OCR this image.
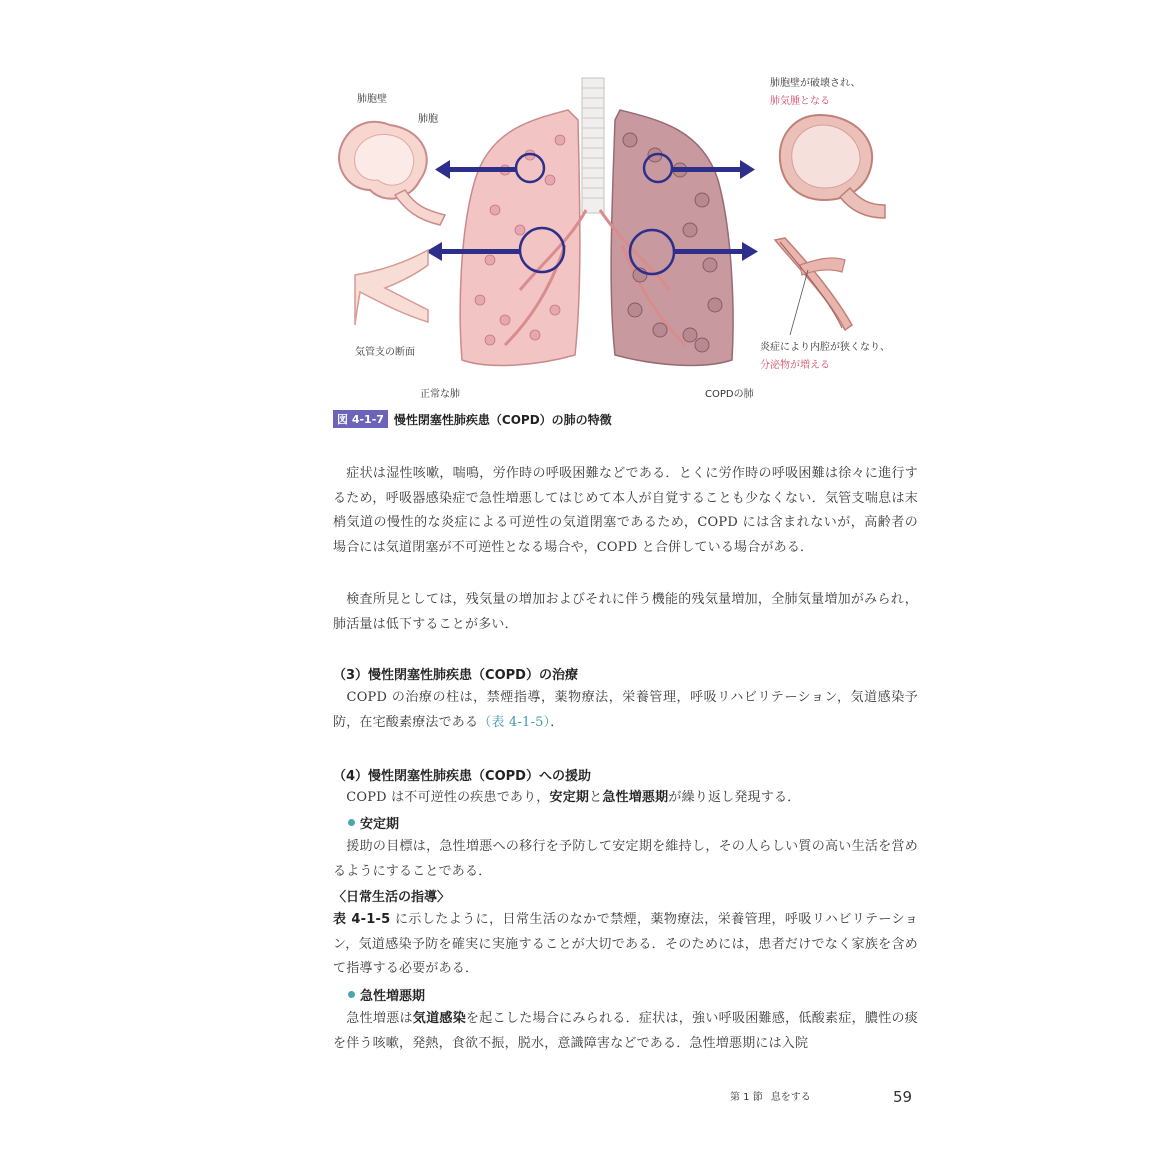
肺胞壁
肺胞
気管支の断面
正常な肺	COPDの肺
肺胞壁が破壊され、
肺気腫となる
炎症により内腔が狭くなり、
分泌物が増える
図 4-1-7 慢性閉塞性肺疾患（COPD）の肺の特徴

　症状は湿性咳嗽，喘鳴，労作時の呼吸困難などである．とくに労作時の呼吸困難は徐々に進行するため，呼吸器感染症で急性増悪してはじめて本人が自覚することも少なくない．気管支喘息は末梢気道の慢性的な炎症による可逆性の気道閉塞であるため，COPD には含まれないが，高齢者の場合には気道閉塞が不可逆性となる場合や，COPD と合併している場合がある．

　検査所見としては，残気量の増加およびそれに伴う機能的残気量増加，全肺気量増加がみられ，肺活量は低下することが多い．

（3）慢性閉塞性肺疾患（COPD）の治療

　COPD の治療の柱は，禁煙指導，薬物療法，栄養管理，呼吸リハビリテーション，気道感染予防，在宅酸素療法である（表 4-1-5）．

（4）慢性閉塞性肺疾患（COPD）への援助

　COPD は不可逆性の疾患であり，安定期と急性増悪期が繰り返し発現する．

安定期

　援助の目標は，急性増悪への移行を予防して安定期を維持し，その人らしい質の高い生活を営めるようにすることである．

〈日常生活の指導〉

表 4-1-5 に示したように，日常生活のなかで禁煙，薬物療法，栄養管理，呼吸リハビリテーション，気道感染予防を確実に実施することが大切である．そのためには，患者だけでなく家族を含めて指導する必要がある．

急性増悪期

　急性増悪は気道感染を起こした場合にみられる．症状は，強い呼吸困難感，低酸素症，膿性の痰を伴う咳嗽，発熱，食欲不振，脱水，意識障害などである．急性増悪期には入院

第 1 節 息をする	59
